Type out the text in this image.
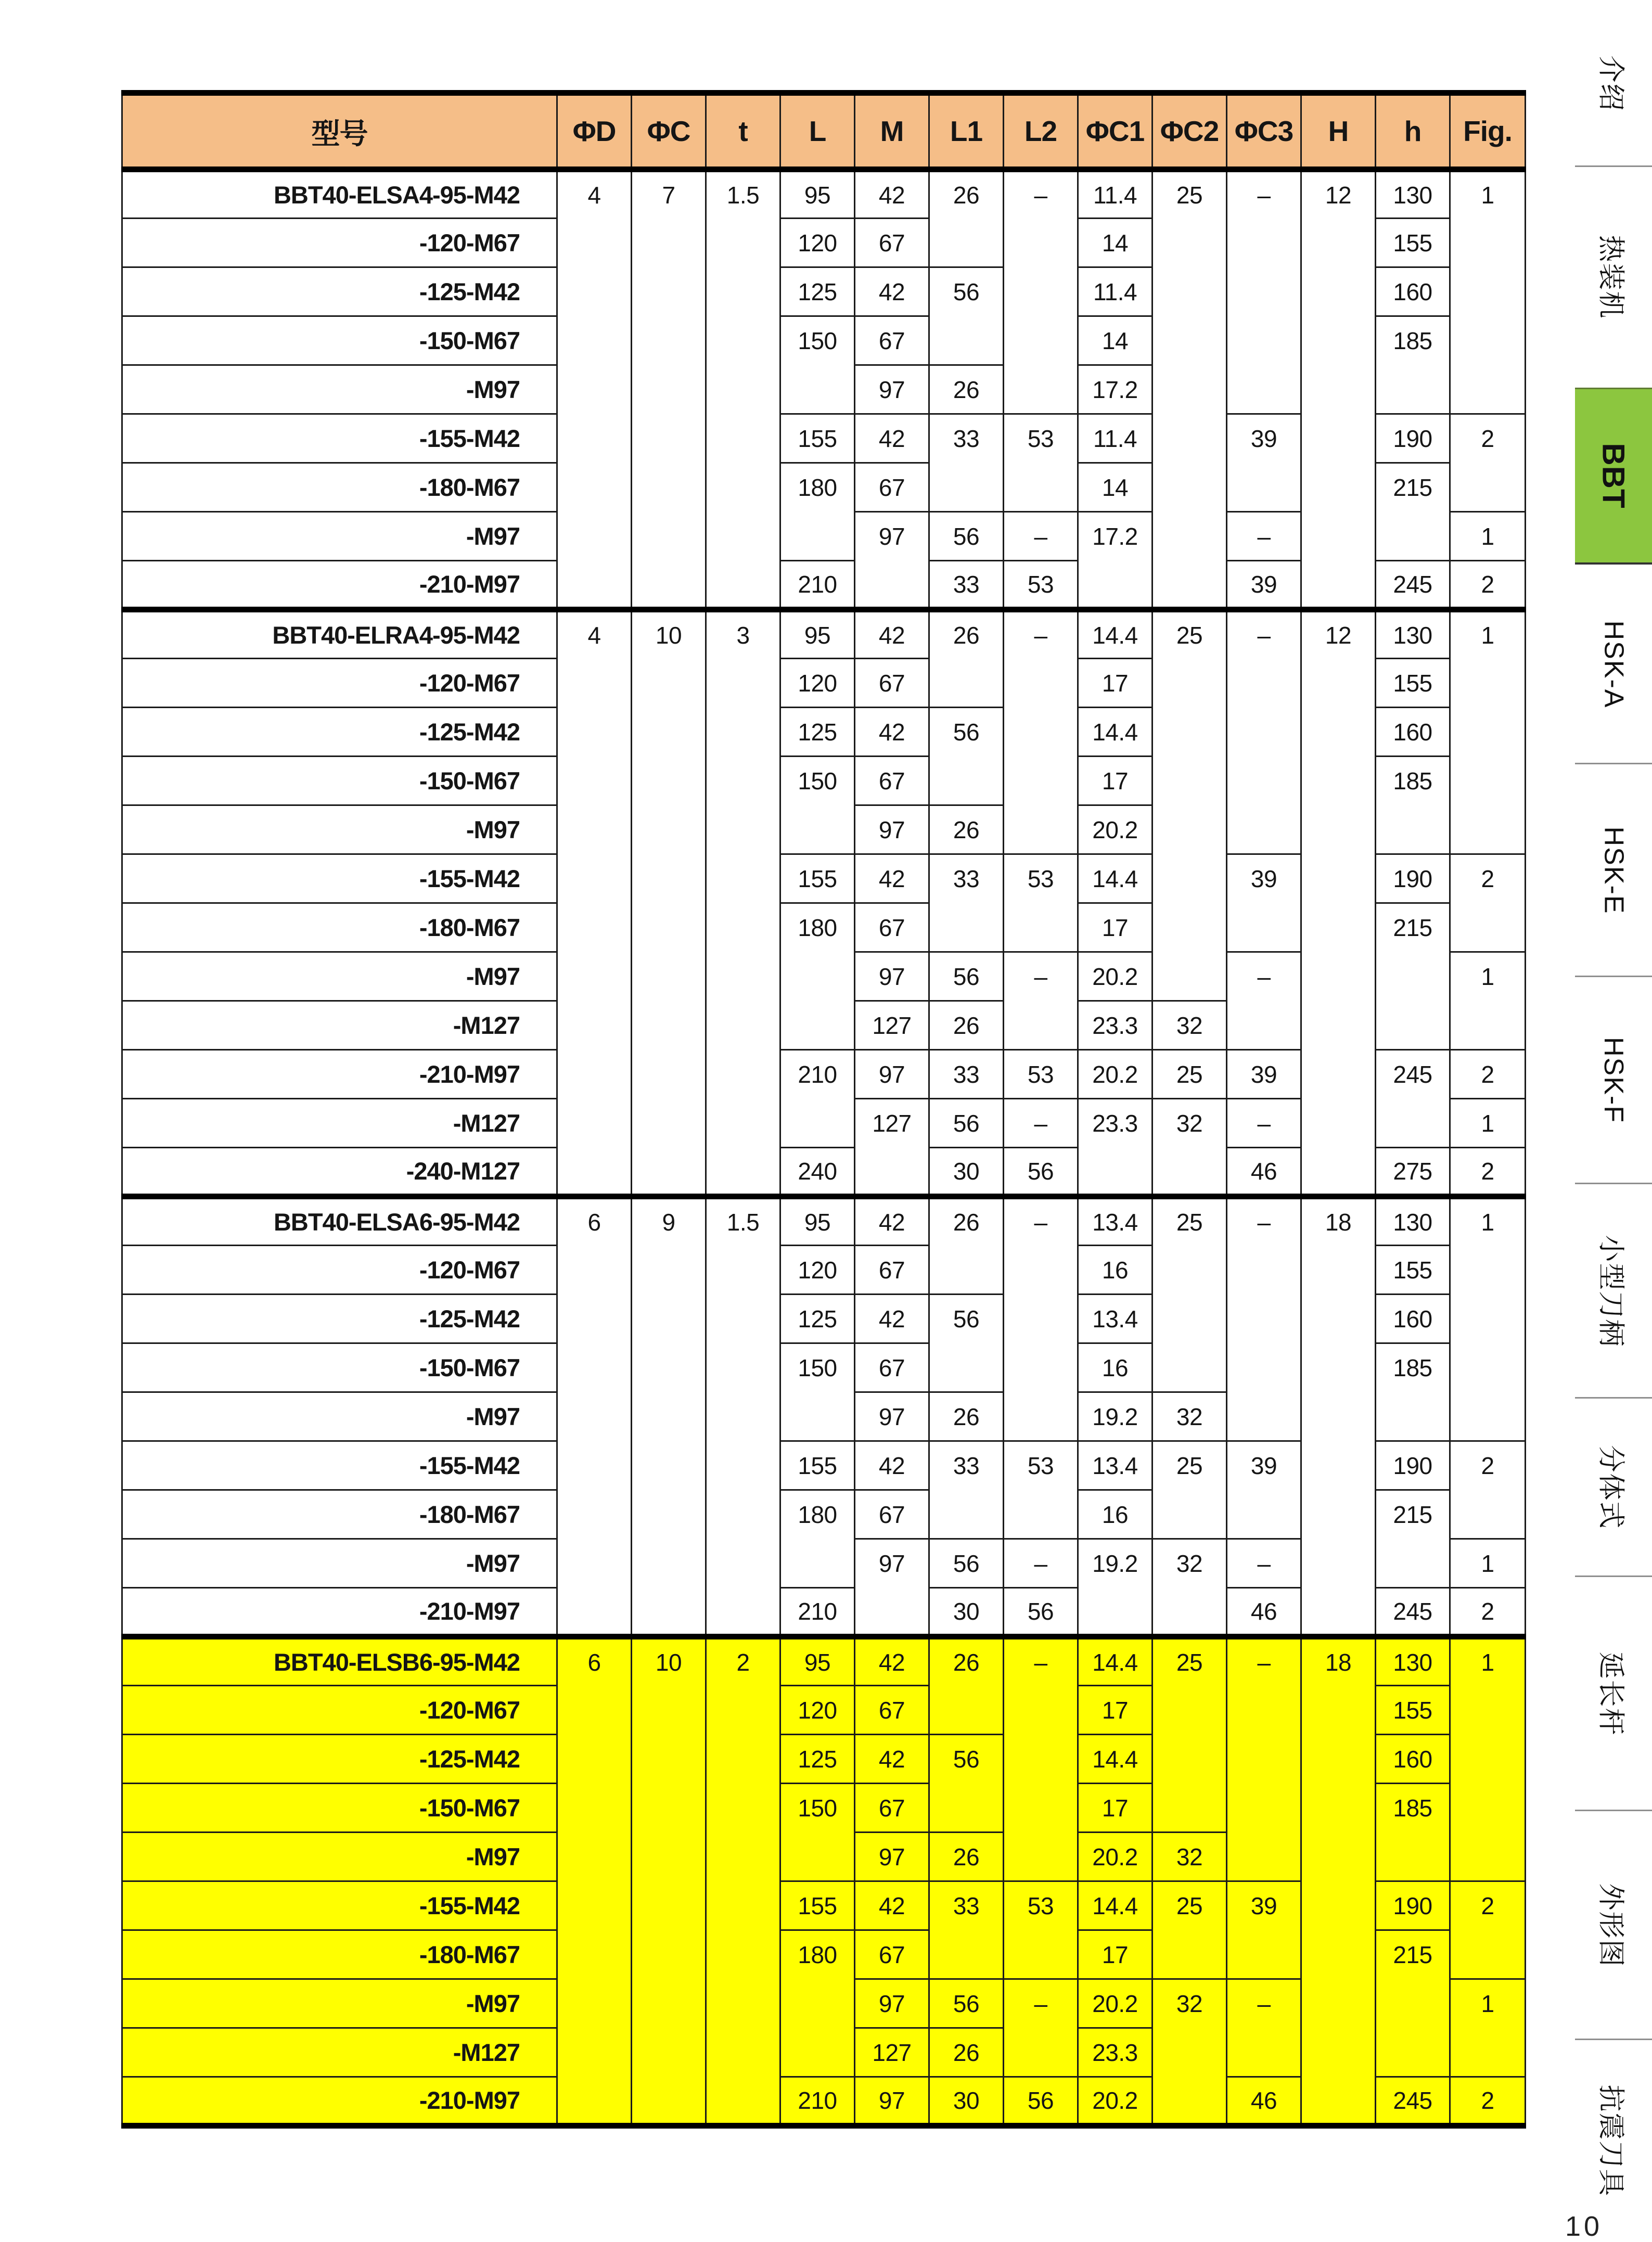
型号	ΦD	ΦC	t	L	M	L1	L2	ΦC1	ΦC2	ΦC3	H	h	Fig.
BBT40-ELSA4-95-M42	4	7	1.5	95	42	26	–	11.4	25	–	12	130	1
-120-M67				120	67			14				155	
-125-M42				125	42	56		11.4				160	
-150-M67				150	67			14				185	
-M97					97	26		17.2					
-155-M42				155	42	33	53	11.4		39		190	2
-180-M67				180	67			14				215	
-M97					97	56	–	17.2		–			1
-210-M97				210		33	53			39		245	2
BBT40-ELRA4-95-M42	4	10	3	95	42	26	–	14.4	25	–	12	130	1
-120-M67				120	67			17				155	
-125-M42				125	42	56		14.4				160	
-150-M67				150	67			17				185	
-M97					97	26		20.2					
-155-M42				155	42	33	53	14.4		39		190	2
-180-M67				180	67			17				215	
-M97					97	56	–	20.2		–			1
-M127					127	26		23.3	32				
-210-M97				210	97	33	53	20.2	25	39		245	2
-M127					127	56	–	23.3	32	–			1
-240-M127				240		30	56			46		275	2
BBT40-ELSA6-95-M42	6	9	1.5	95	42	26	–	13.4	25	–	18	130	1
-120-M67				120	67			16				155	
-125-M42				125	42	56		13.4				160	
-150-M67				150	67			16				185	
-M97					97	26		19.2	32				
-155-M42				155	42	33	53	13.4	25	39		190	2
-180-M67				180	67			16				215	
-M97					97	56	–	19.2	32	–			1
-210-M97				210		30	56			46		245	2
BBT40-ELSB6-95-M42	6	10	2	95	42	26	–	14.4	25	–	18	130	1
-120-M67				120	67			17				155	
-125-M42				125	42	56		14.4				160	
-150-M67				150	67			17				185	
-M97					97	26		20.2	32				
-155-M42				155	42	33	53	14.4	25	39		190	2
-180-M67				180	67			17				215	
-M97					97	56	–	20.2	32	–			1
-M127					127	26		23.3					
-210-M97				210	97	30	56	20.2		46		245	2
介绍
热装机
BBT
HSK-A
HSK-E
HSK-F
小型刀柄
分体式
延长杆
外形图
抗震刀具
10
